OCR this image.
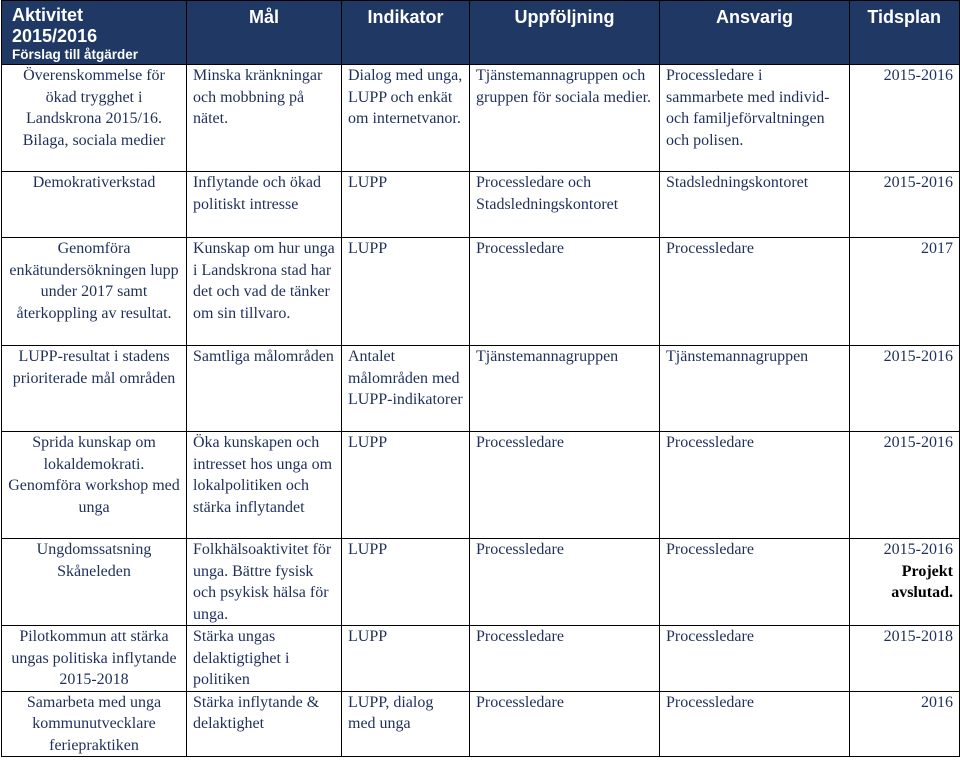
Aktivitet
2015/2016
Förslag till åtgärder	Mål	Indikator	Uppföljning	Ansvarig	Tidsplan
Överenskommelse för ökad trygghet i Landskrona 2015/16. Bilaga, sociala medier	Minska kränkningar och mobbning på nätet.	Dialog med unga, LUPP och enkät om internetvanor.	Tjänstemannagruppen och gruppen för sociala medier.	Processledare i sammarbete med individ- och familjeförvaltningen och polisen.	2015-2016

Demokrativerkstad	Inflytande och ökad politiskt intresse	LUPP	Processledare och Stadsledningskontoret	Stadsledningskontoret	2015-2016

Genomföra enkätundersökningen lupp under 2017 samt återkoppling av resultat.	Kunskap om hur unga i Landskrona stad har det och vad de tänker om sin tillvaro.	LUPP	Processledare	Processledare	2017

LUPP-resultat i stadens prioriterade mål områden	Samtliga målområden	Antalet målområden med LUPP-indikatorer	Tjänstemannagruppen	Tjänstemannagruppen	2015-2016

Sprida kunskap om lokaldemokrati. Genomföra workshop med unga	Öka kunskapen och intresset hos unga om lokalpolitiken och stärka inflytandet	LUPP	Processledare	Processledare	2015-2016

Ungdomssatsning Skåneleden	Folkhälsoaktivitet för unga. Bättre fysisk och psykisk hälsa för unga.	LUPP	Processledare	Processledare	2015-2016
Projekt avslutad.

Pilotkommun att stärka ungas politiska inflytande 2015-2018	Stärka ungas delaktigtighet i politiken	LUPP	Processledare	Processledare	2015-2018

Samarbeta med unga kommunutvecklare feriepraktiken	Stärka inflytande & delaktighet	LUPP, dialog med unga	Processledare	Processledare	2016
